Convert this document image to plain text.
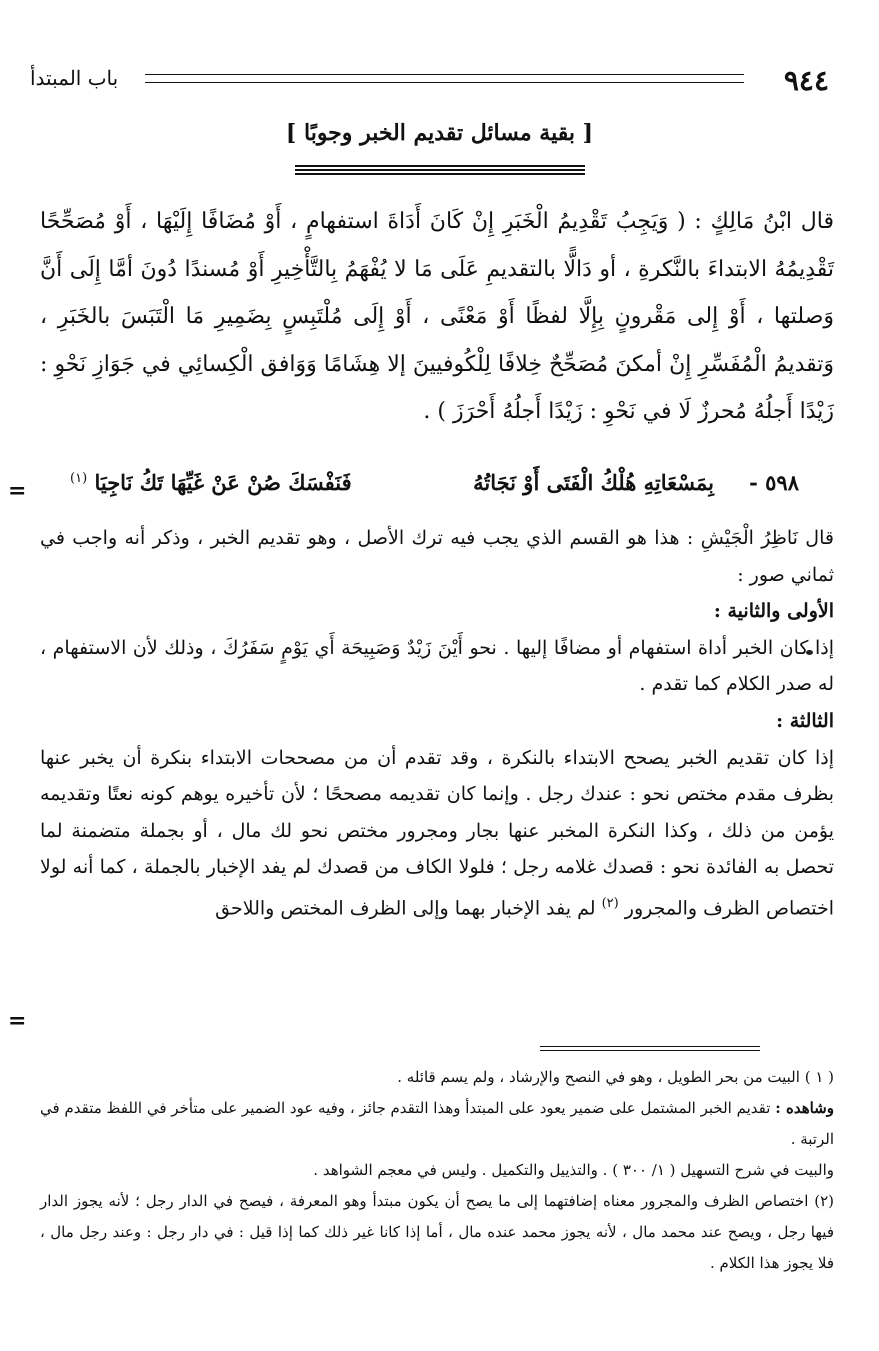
٩٤٤
باب المبتدأ
[ بقية مسائل تقديم الخبر وجوبًا ]

قال ابْنُ مَالِكٍ : ( وَيَجِبُ تَقْدِيمُ الْخَبَرِ إِنْ كَانَ أَدَاةَ استفهامٍ ، أَوْ مُضَافًا إِلَيْهَا ، أَوْ مُصَحِّحًا تَقْدِيمُهُ الابتداءَ بالنَّكرةِ ، أو دَالًّا بالتقديمِ عَلَى مَا لا يُفْهَمُ بِالتَّأْخِيرِ أَوْ مُسندًا دُونَ أمَّا إِلَى أَنَّ وَصلتها ، أَوْ إِلى مَقْرونٍ بِإِلَّا لفظًا أَوْ مَعْنًى ، أَوْ إِلَى مُلْتَبِسٍ بِضَمِيرِ مَا الْتَبَسَ بالخَبَرِ ، وَتقديمُ الْمُفَسِّرِ إِنْ أمكنَ مُصَحِّحٌ خِلافًا لِلْكُوفيينَ إلا هِشَامًا وَوَافق الْكِسائِي في جَوَازِ نَحْوِ : زَيْدًا أَجلُهُ مُحرزٌ لَا في نَحْوِ : زَيْدًا أَجلُهُ أَحْرَزَ ) .

٥٩٨ -
بِمَسْعَاتِهِ هُلْكُ الْفَتَى أَوْ نَجَاتُهُ
فَنَفْسَكَ صُنْ عَنْ غَيِّهَا تَكُ نَاجِيَا $^{(١)}$
=

قال نَاظِرُ الْجَيْشِ : هذا هو القسم الذي يجب فيه ترك الأصل ، وهو تقديم الخبر ، وذكر أنه واجب في ثماني صور :

الأولى والثانية :

إذا كان الخبر أداة استفهام أو مضافًا إليها . نحو أَيْنَ زَيْدٌ وَصَبِيحَة أَي يَوْمٍ سَفَرُكَ ، وذلك لأن الاستفهام ، له صدر الكلام كما تقدم .

الثالثة :

إذا كان تقديم الخبر يصحح الابتداء بالنكرة ، وقد تقدم أن من مصححات الابتداء بنكرة أن يخبر عنها بظرف مقدم مختص نحو : عندك رجل . وإنما كان تقديمه مصححًا ؛ لأن تأخيره يوهم كونه نعتًا وتقديمه يؤمن من ذلك ، وكذا النكرة المخبر عنها بجار ومجرور مختص نحو لك مال ، أو بجملة متضمنة لما تحصل به الفائدة نحو : قصدك غلامه رجل ؛ فلولا الكاف من قصدك لم يفد الإخبار بالجملة ، كما أنه لولا اختصاص الظرف والمجرور $^{(٢)}$ لم يفد الإخبار بهما وإلى الظرف المختص واللاحق

=

( ١ ) البيت من بحر الطويل ، وهو في النصح والإرشاد ، ولم يسم قائله .

وشاهده : تقديم الخبر المشتمل على ضمير يعود على المبتدأ وهذا التقدم جائز ، وفيه عود الضمير على متأخر في اللفظ متقدم في الرتبة .

والبيت في شرح التسهيل ( ١/ ٣٠٠ ) . والتذييل والتكميل . وليس في معجم الشواهد .

(٢) اختصاص الظرف والمجرور معناه إضافتهما إلى ما يصح أن يكون مبتدأ وهو المعرفة ، فيصح في الدار رجل ؛ لأنه يجوز الدار فيها رجل ، ويصح عند محمد مال ، لأنه يجوز محمد عنده مال ، أما إذا كانا غير ذلك كما إذا قيل : في دار رجل : وعند رجل مال ، فلا يجوز هذا الكلام .
